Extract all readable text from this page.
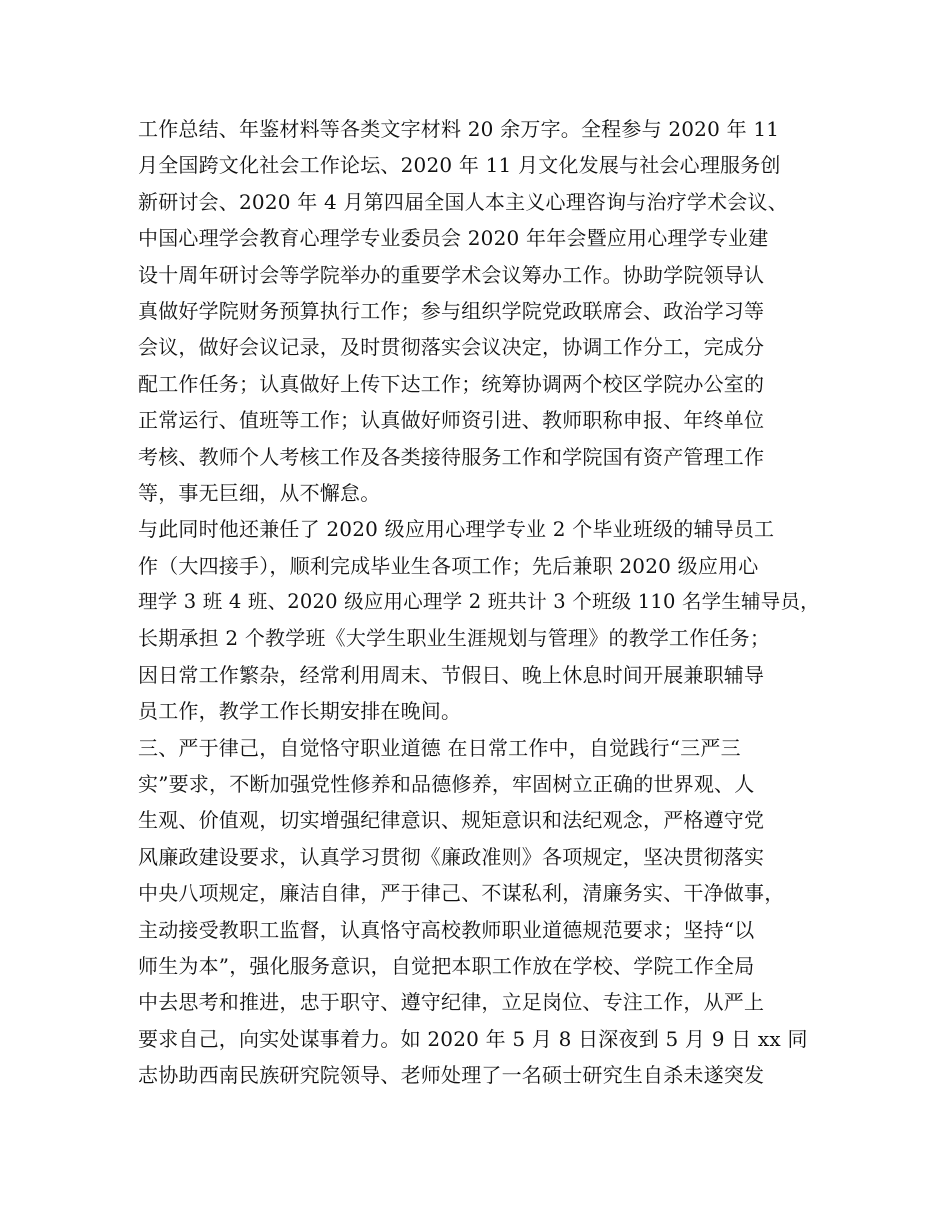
工作总结、年鉴材料等各类文字材料 20 余万字。全程参与 2020 年 11
月全国跨文化社会工作论坛、2020 年 11 月文化发展与社会心理服务创
新研讨会、2020 年 4 月第四届全国人本主义心理咨询与治疗学术会议、
中国心理学会教育心理学专业委员会 2020 年年会暨应用心理学专业建
设十周年研讨会等学院举办的重要学术会议筹办工作。协助学院领导认
真做好学院财务预算执行工作；参与组织学院党政联席会、政治学习等
会议，做好会议记录，及时贯彻落实会议决定，协调工作分工，完成分
配工作任务；认真做好上传下达工作；统筹协调两个校区学院办公室的
正常运行、值班等工作；认真做好师资引进、教师职称申报、年终单位
考核、教师个人考核工作及各类接待服务工作和学院国有资产管理工作
等，事无巨细，从不懈怠。
与此同时他还兼任了 2020 级应用心理学专业 2 个毕业班级的辅导员工
作（大四接手），顺利完成毕业生各项工作；先后兼职 2020 级应用心
理学 3 班 4 班、2020 级应用心理学 2 班共计 3 个班级 110 名学生辅导员，
长期承担 2 个教学班《大学生职业生涯规划与管理》的教学工作任务；
因日常工作繁杂，经常利用周末、节假日、晚上休息时间开展兼职辅导
员工作，教学工作长期安排在晚间。
三、严于律己，自觉恪守职业道德 在日常工作中，自觉践行“三严三
实”要求，不断加强党性修养和品德修养，牢固树立正确的世界观、人
生观、价值观，切实增强纪律意识、规矩意识和法纪观念，严格遵守党
风廉政建设要求，认真学习贯彻《廉政准则》各项规定，坚决贯彻落实
中央八项规定，廉洁自律，严于律己、不谋私利，清廉务实、干净做事，
主动接受教职工监督，认真恪守高校教师职业道德规范要求；坚持“以
师生为本”，强化服务意识，自觉把本职工作放在学校、学院工作全局
中去思考和推进，忠于职守、遵守纪律，立足岗位、专注工作，从严上
要求自己，向实处谋事着力。如 2020 年 5 月 8 日深夜到 5 月 9 日 xx 同
志协助西南民族研究院领导、老师处理了一名硕士研究生自杀未遂突发
